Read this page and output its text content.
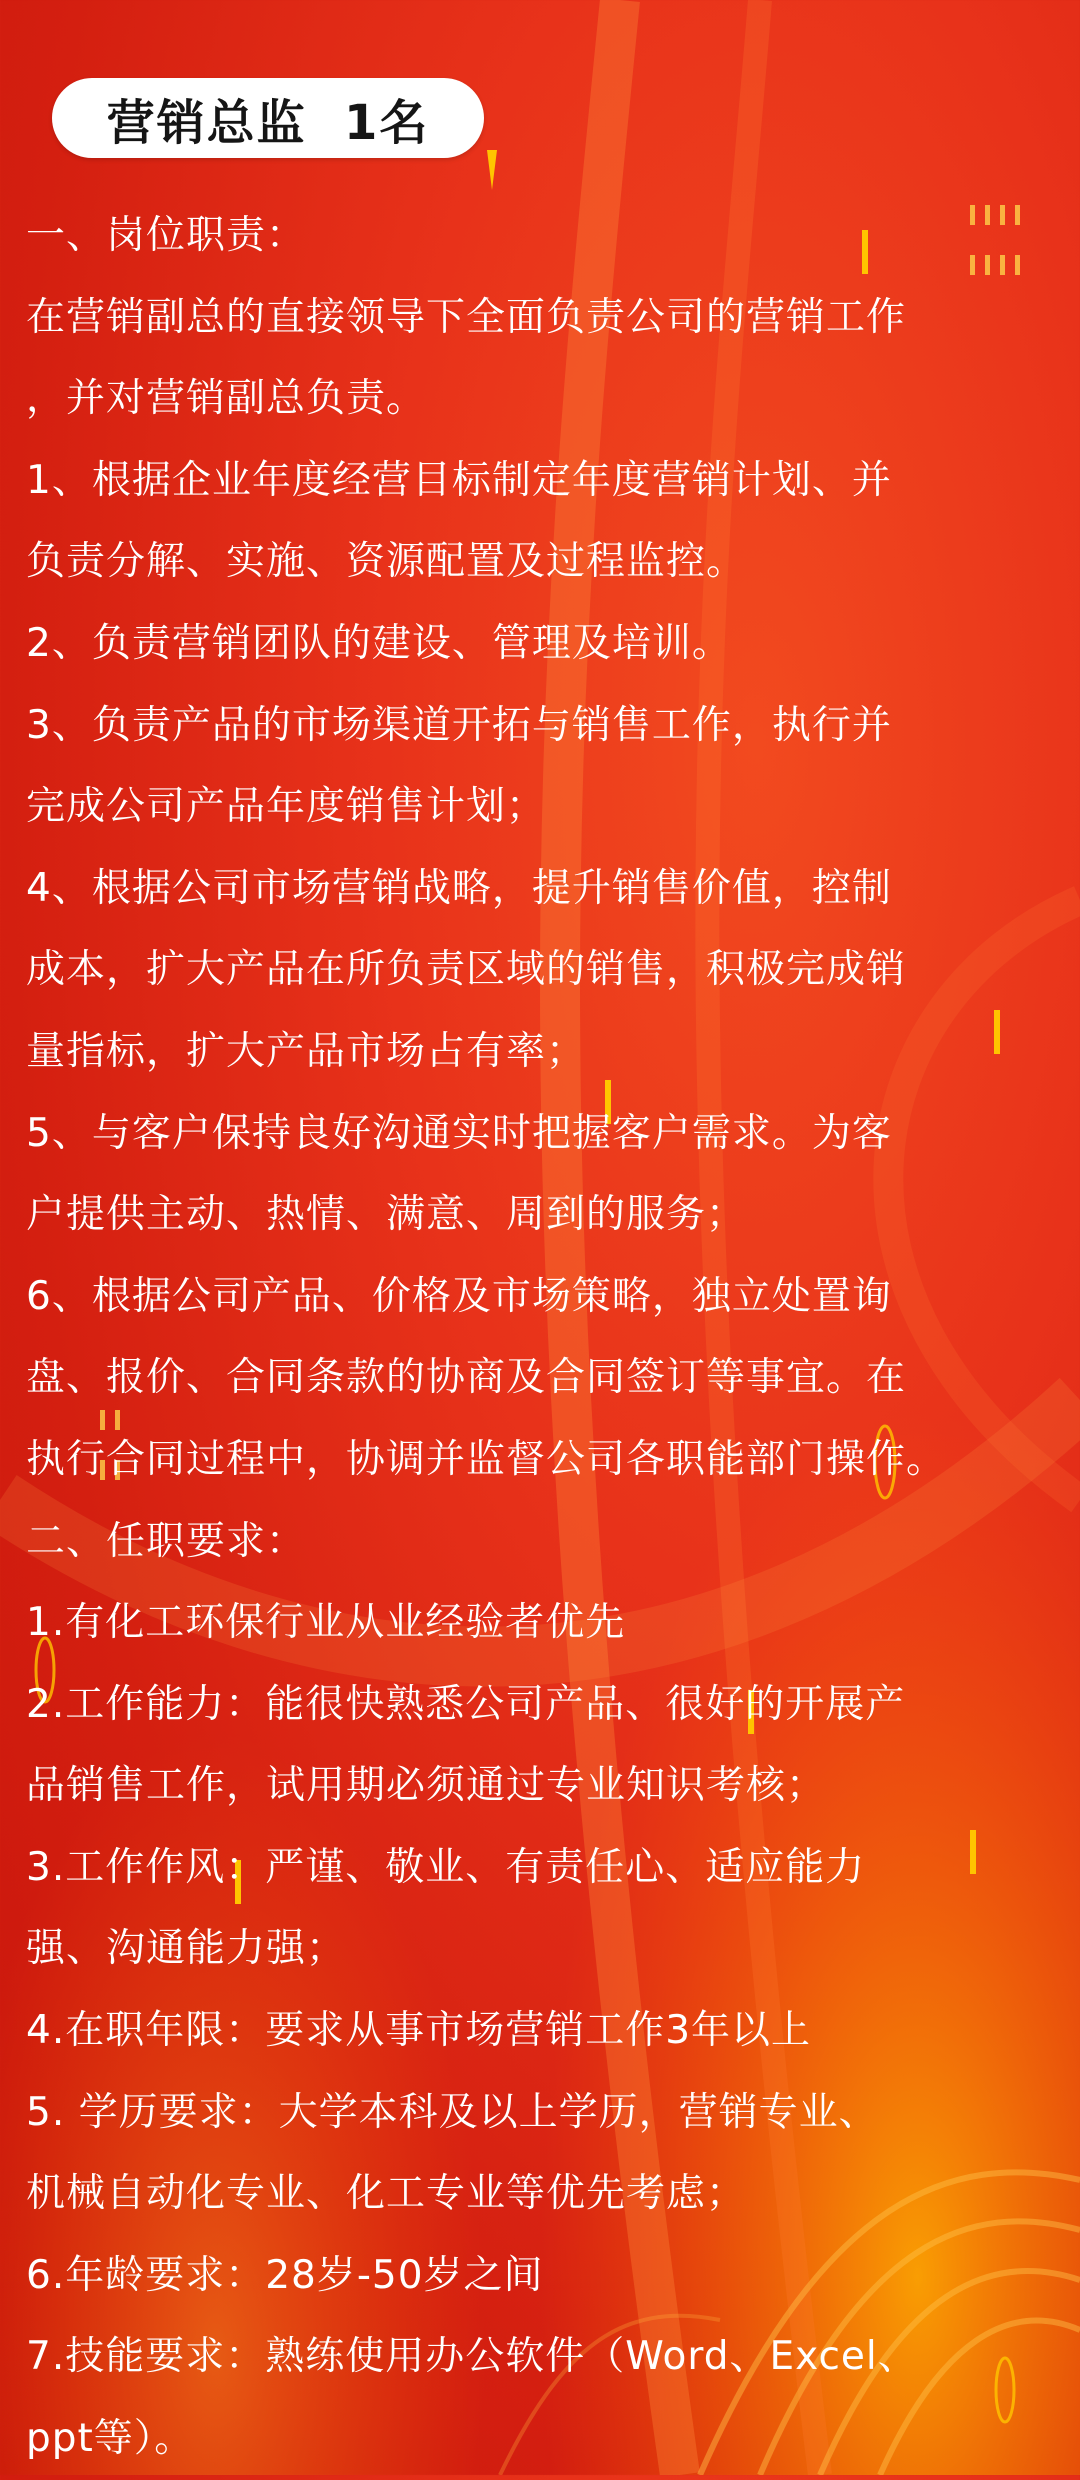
营销总监  1名
一、岗位职责：
在营销副总的直接领导下全面负责公司的营销工作
，并对营销副总负责。
1、根据企业年度经营目标制定年度营销计划、并
负责分解、实施、资源配置及过程监控。
2、负责营销团队的建设、管理及培训。
3、负责产品的市场渠道开拓与销售工作，执行并
完成公司产品年度销售计划；
4、根据公司市场营销战略，提升销售价值，控制
成本，扩大产品在所负责区域的销售，积极完成销
量指标，扩大产品市场占有率；
5、与客户保持良好沟通实时把握客户需求。为客
户提供主动、热情、满意、周到的服务；
6、根据公司产品、价格及市场策略，独立处置询
盘、报价、合同条款的协商及合同签订等事宜。在
执行合同过程中，协调并监督公司各职能部门操作。
二、任职要求：
1.有化工环保行业从业经验者优先
2.工作能力：能很快熟悉公司产品、很好的开展产
品销售工作，试用期必须通过专业知识考核；
3.工作作风：严谨、敬业、有责任心、适应能力
强、沟通能力强；
4.在职年限：要求从事市场营销工作3年以上
5. 学历要求：大学本科及以上学历，营销专业、
机械自动化专业、化工专业等优先考虑；
6.年龄要求：28岁-50岁之间
7.技能要求：熟练使用办公软件（Word、Excel、
ppt等）。
